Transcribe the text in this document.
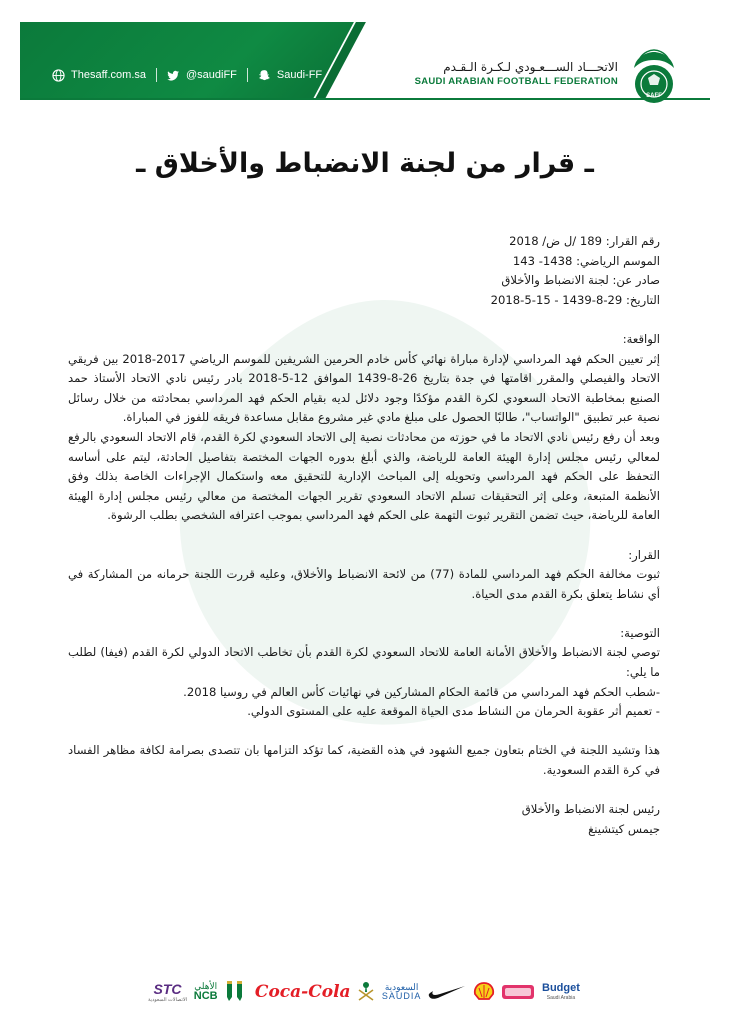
Thesaff.com.sa	@saudiFF	Saudi-FF
الاتحـــاد الســـعـودي لـكـرة الـقـدم
SAUDI ARABIAN FOOTBALL FEDERATION
SAFF
ـ قرار من لجنة الانضباط والأخلاق ـ
رقم القرار: 189 /ل ض/ 2018
الموسم الرياضي: 1438- 143
صادر عن: لجنة الانضباط والأخلاق
التاريخ: 29-8-1439 - 15-5-2018
الواقعة:

إثر تعيين الحكم فهد المرداسي لإدارة مباراة نهائي كأس خادم الحرمين الشريفين للموسم الرياضي 2017-2018 بين فريقي الاتحاد والفيصلي والمقرر اقامتها في جدة بتاريخ 26-8-1439 الموافق 12-5-2018 بادر رئيس نادي الاتحاد الأستاذ حمد الصنيع بمخاطبة الاتحاد السعودي لكرة القدم مؤكدًا وجود دلائل لديه بقيام الحكم فهد المرداسي بمحادثته من خلال رسائل نصية عبر تطبيق "الواتساب"، طالبًا الحصول على مبلغ مادي غير مشروع مقابل مساعدة فريقه للفوز في المباراة.

وبعد أن رفع رئيس نادي الاتحاد ما في حوزته من محادثات نصية إلى الاتحاد السعودي لكرة القدم، قام الاتحاد السعودي بالرفع لمعالي رئيس مجلس إدارة الهيئة العامة للرياضة، والذي أبلغ بدوره الجهات المختصة بتفاصيل الحادثة، ليتم على أساسه التحفظ على الحكم فهد المرداسي وتحويله إلى المباحث الإدارية للتحقيق معه واستكمال الإجراءات الخاصة بذلك وفق الأنظمة المتبعة، وعلى إثر التحقيقات تسلم الاتحاد السعودي تقرير الجهات المختصة من معالي رئيس مجلس إدارة الهيئة العامة للرياضة، حيث تضمن التقرير ثبوت التهمة على الحكم فهد المرداسي بموجب اعترافه الشخصي بطلب الرشوة.

القرار:

ثبوت مخالفة الحكم فهد المرداسي للمادة (77) من لائحة الانضباط والأخلاق، وعليه قررت اللجنة حرمانه من المشاركة في أي نشاط يتعلق بكرة القدم مدى الحياة.

التوصية:

توصي لجنة الانضباط والأخلاق الأمانة العامة للاتحاد السعودي لكرة القدم بأن تخاطب الاتحاد الدولي لكرة القدم (فيفا) لطلب ما يلي:

-شطب الحكم فهد المرداسي من قائمة الحكام المشاركين في نهائيات كأس العالم في روسيا 2018.

- تعميم أثر عقوبة الحرمان من النشاط مدى الحياة الموقعة عليه على المستوى الدولي.

هذا وتشيد اللجنة في الختام بتعاون جميع الشهود في هذه القضية، كما تؤكد التزامها بان تتصدى بصرامة لكافة مظاهر الفساد في كرة القدم السعودية.

رئيس لجنة الانضباط والأخلاق
جيمس كيتشينغ
STC
الاتصالات السعودية
الأهلي
NCB Coca-Cola	السعودية
SAUDIA
Budget
Saudi Arabia
